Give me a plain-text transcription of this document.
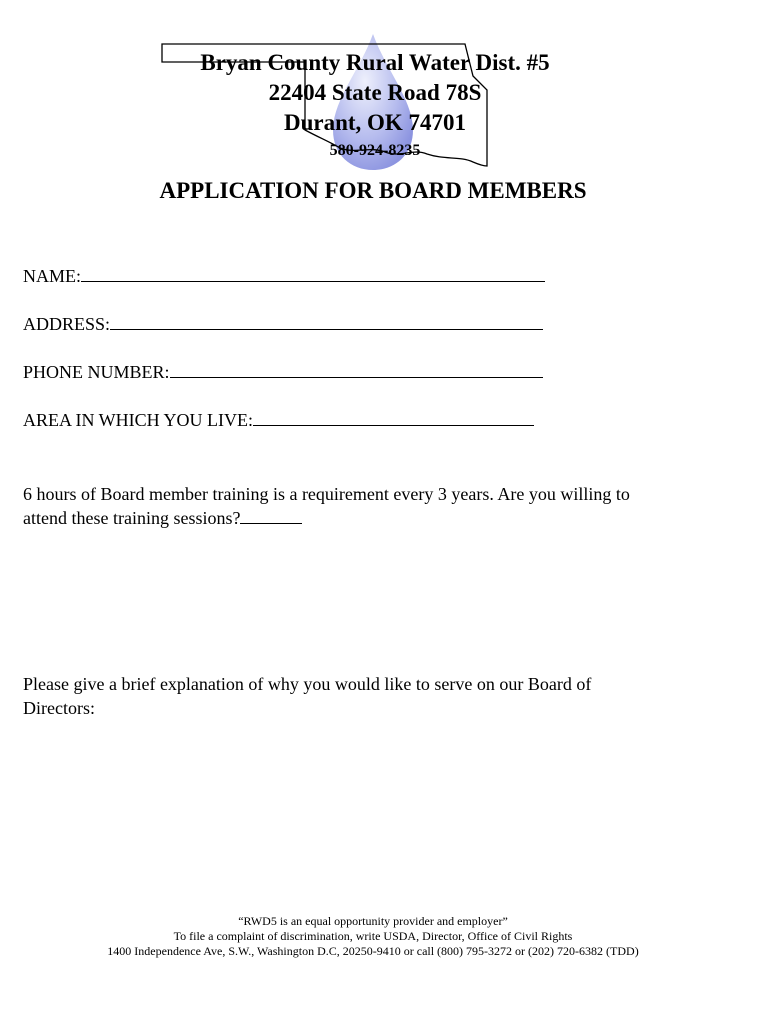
Bryan County Rural Water Dist. #5
22404 State Road 78S
Durant, OK 74701
580-924-8235
APPLICATION FOR BOARD MEMBERS
NAME:
ADDRESS:
PHONE NUMBER:
AREA IN WHICH YOU LIVE:
6 hours of Board member training is a requirement every 3 years. Are you willing to
attend these training sessions?
Please give a brief explanation of why you would like to serve on our Board of
Directors:
“RWD5 is an equal opportunity provider and employer”
To file a complaint of discrimination, write USDA, Director, Office of Civil Rights
1400 Independence Ave, S.W., Washington D.C, 20250-9410 or call (800) 795-3272 or (202) 720-6382 (TDD)
